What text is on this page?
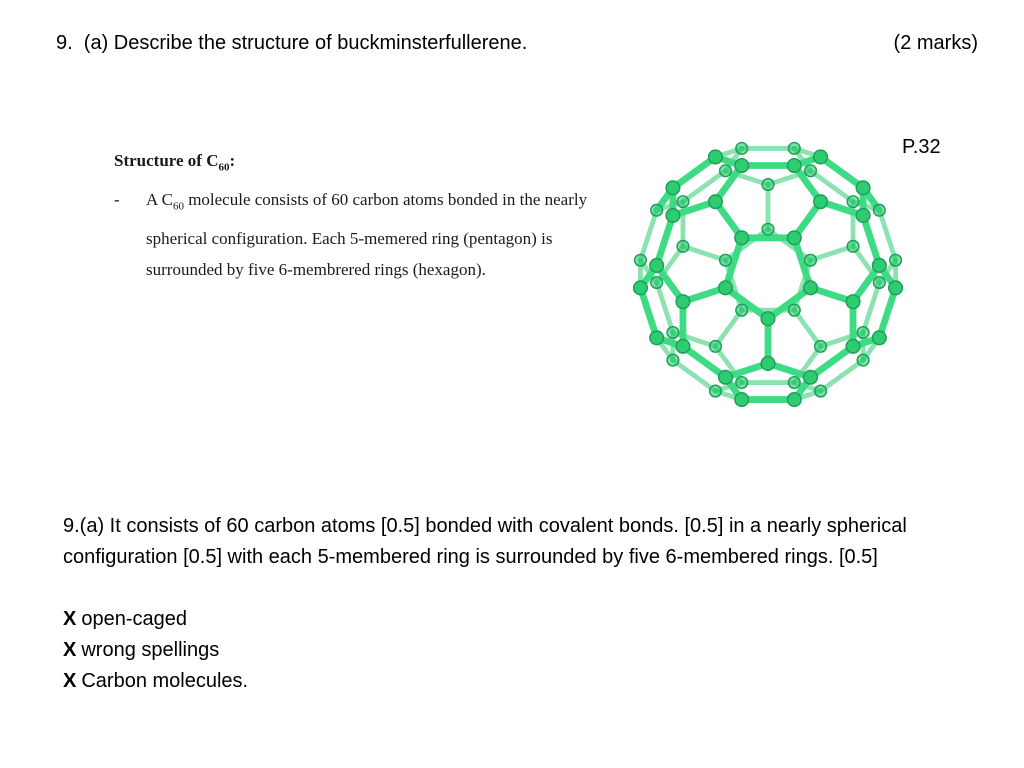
9.  (a) Describe the structure of buckminsterfullerene.	(2 marks)
P.32
Structure of $C_{60}$:
- A $C_{60}$ molecule consists of 60 carbon atoms bonded in the nearly spherical configuration. Each 5-memered ring (pentagon) is surrounded by five 6-membrered rings (hexagon).

9.(a) It consists of 60 carbon atoms [0.5] bonded with covalent bonds. [0.5] in a nearly spherical configuration [0.5] with each 5-membered ring is surrounded by five 6-membered rings. [0.5]

X open-caged
X wrong spellings
X Carbon molecules.
